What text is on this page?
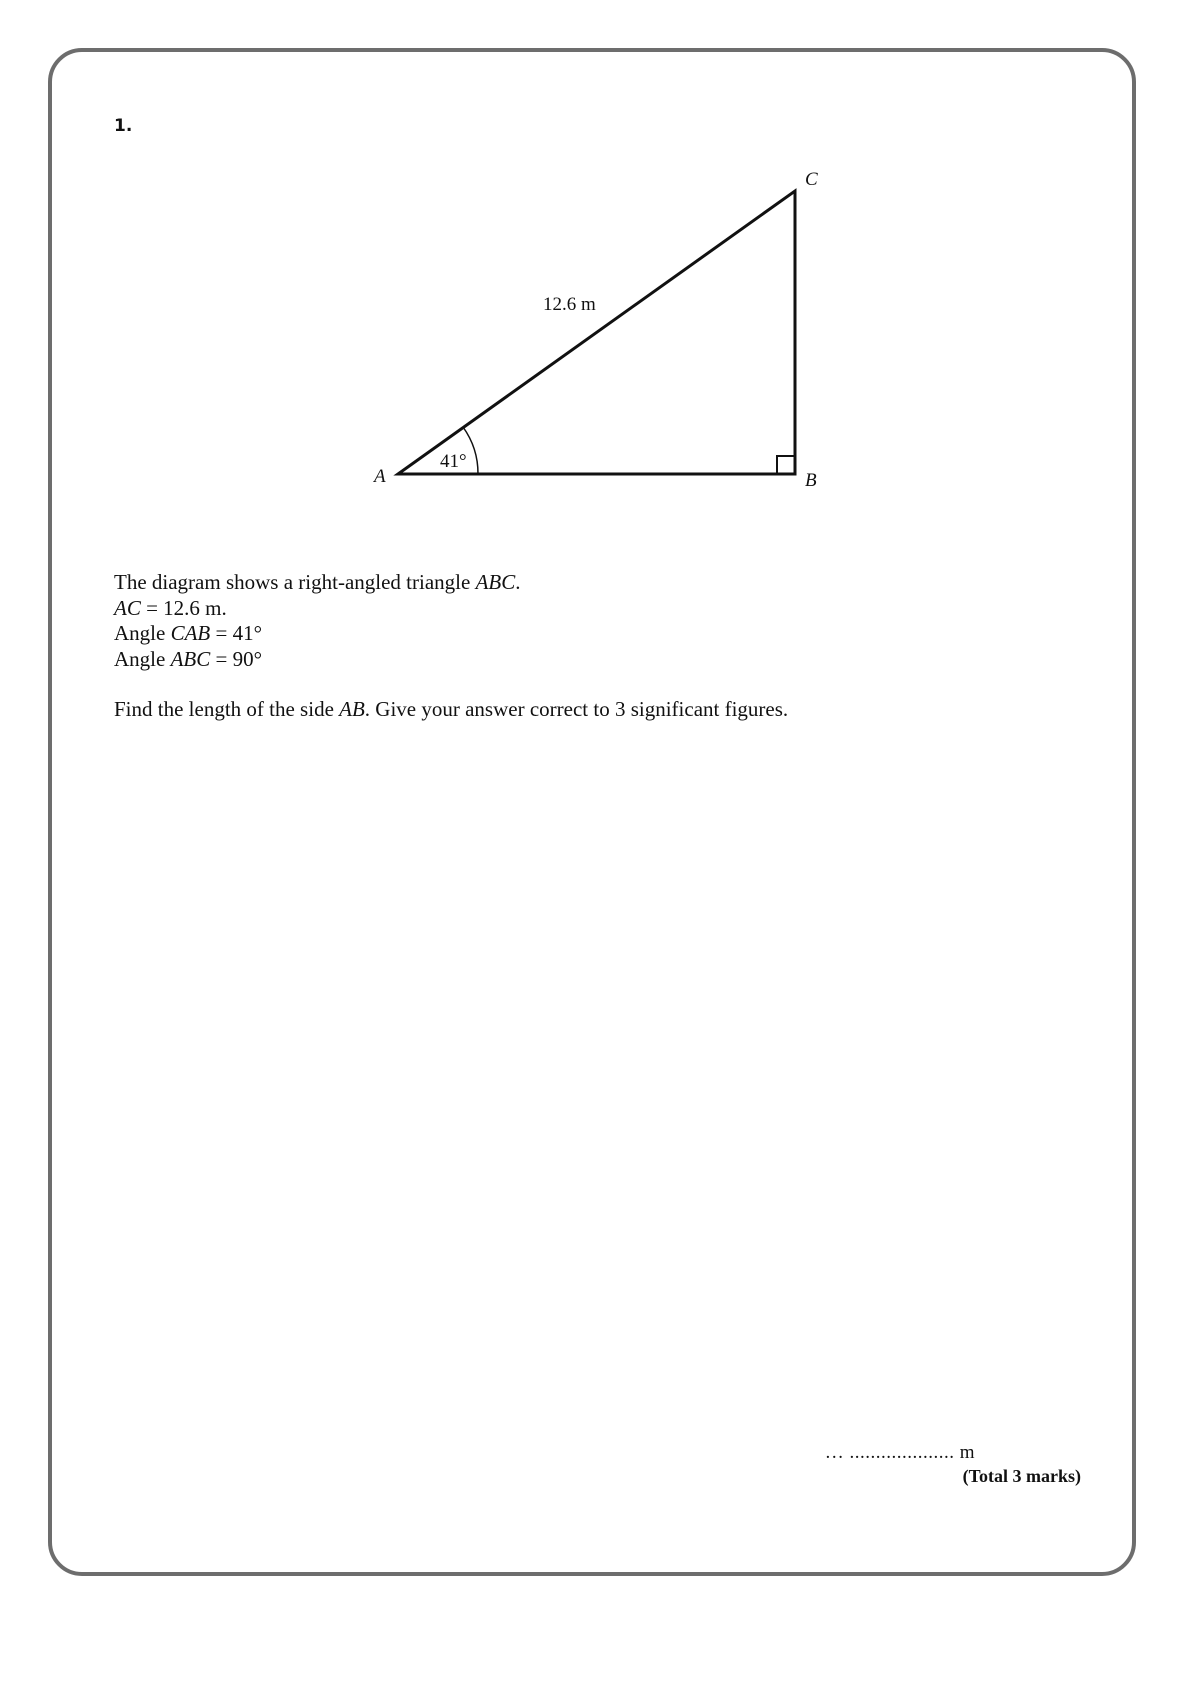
1.
A	B
C
12.6 m
41°
The diagram shows a right-angled triangle ABC.
AC = 12.6 m.
Angle CAB = 41°
Angle ABC = 90°
Find the length of the side AB. Give your answer correct to 3 significant figures.
… .................... m
(Total 3 marks)
